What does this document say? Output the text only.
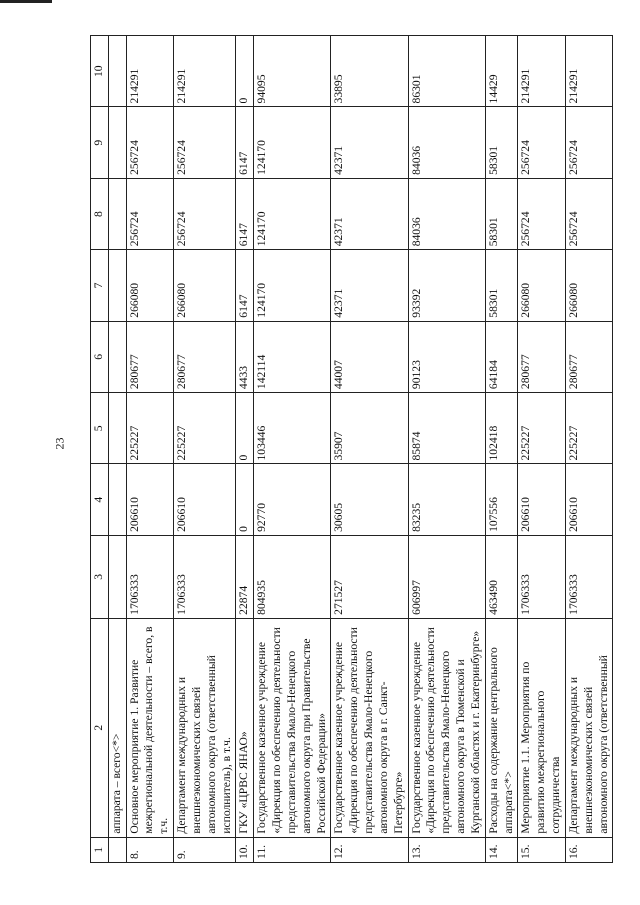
23
1	2	3	4	5	6	7	8	9	10
	аппарата – всего<*>								
8.	Основное мероприятие 1. Развитие межрегиональной деятельности – всего, в т.ч.	1706333	206610	225227	280677	266080	256724	256724	214291
9.	Департамент международных и внешнеэкономических связей автономного округа (ответственный исполнитель), в т.ч.	1706333	206610	225227	280677	266080	256724	256724	214291
10.	ГКУ «ЦРВС ЯНАО»	22874	0	0	4433	6147	6147	6147	0
11.	Государственное казенное учреждение «Дирекция по обеспечению деятельности представительства Ямало-Ненецкого автономного округа при Правительстве Российской Федерации»	804935	92770	103446	142114	124170	124170	124170	94095
12.	Государственное казенное учреждение «Дирекция по обеспечению деятельности представительства Ямало-Ненецкого автономного округа в г. Санкт-Петербурге»	271527	30605	35907	44007	42371	42371	42371	33895
13.	Государственное казенное учреждение «Дирекция по обеспечению деятельности представительства Ямало-Ненецкого автономного округа в Тюменской и Курганской областях и г. Екатеринбурге»	606997	83235	85874	90123	93392	84036	84036	86301
14.	Расходы на содержание центрального аппарата<*>	463490	107556	102418	64184	58301	58301	58301	14429
15.	Мероприятие 1.1. Мероприятия по развитию межрегионального сотрудничества	1706333	206610	225227	280677	266080	256724	256724	214291
16.	Департамент международных и внешнеэкономических связей автономного округа (ответственный	1706333	206610	225227	280677	266080	256724	256724	214291
